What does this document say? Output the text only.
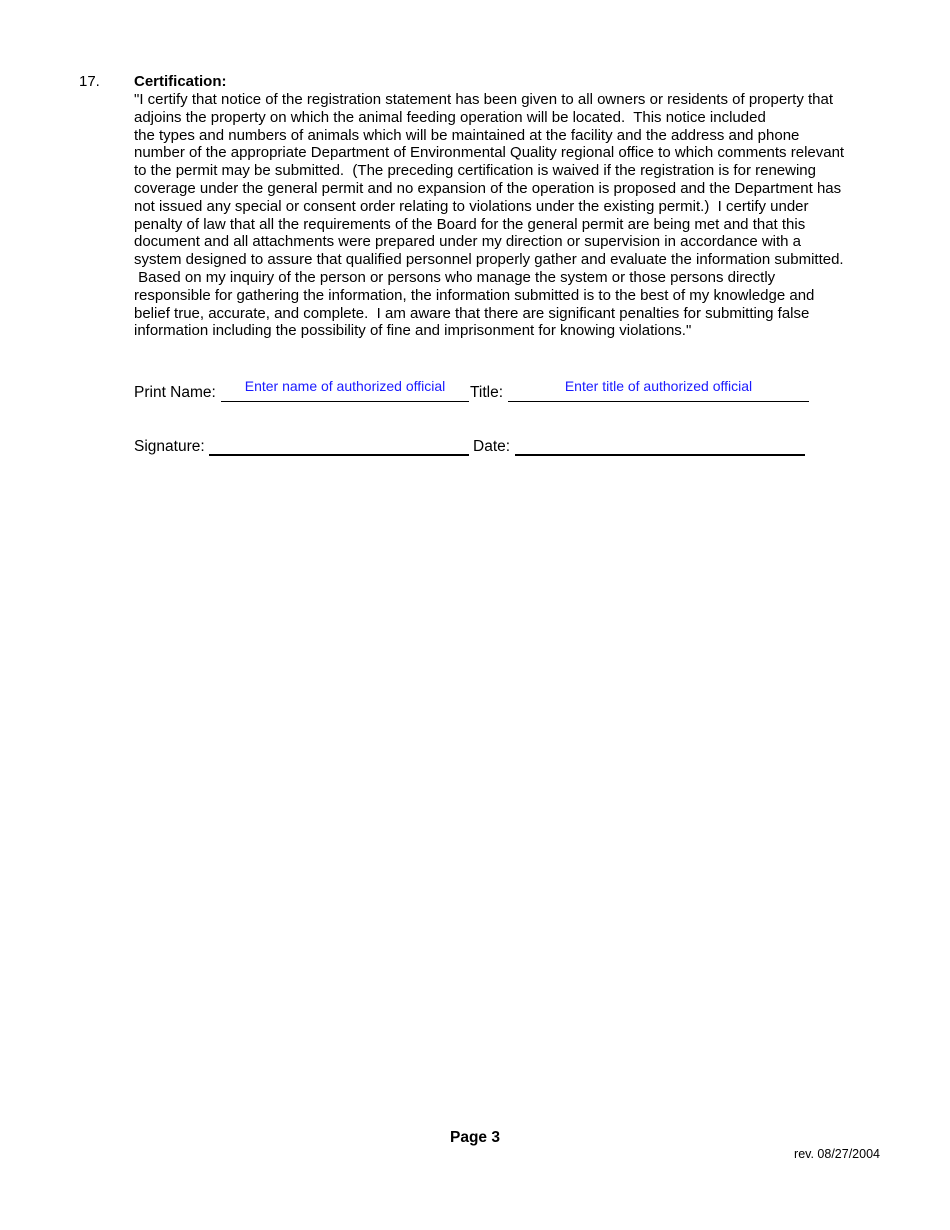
17. Certification:
"I certify that notice of the registration statement has been given to all owners or residents of property that
adjoins the property on which the animal feeding operation will be located.  This notice included
the types and numbers of animals which will be maintained at the facility and the address and phone
number of the appropriate Department of Environmental Quality regional office to which comments relevant
to the permit may be submitted.  (The preceding certification is waived if the registration is for renewing
coverage under the general permit and no expansion of the operation is proposed and the Department has
not issued any special or consent order relating to violations under the existing permit.)  I certify under
penalty of law that all the requirements of the Board for the general permit are being met and that this
document and all attachments were prepared under my direction or supervision in accordance with a
system designed to assure that qualified personnel properly gather and evaluate the information submitted.
Based on my inquiry of the person or persons who manage the system or those persons directly
responsible for gathering the information, the information submitted is to the best of my knowledge and
belief true, accurate, and complete.  I am aware that there are significant penalties for submitting false
information including the possibility of fine and imprisonment for knowing violations."
Print Name:	Enter name of authorized official	Title:	Enter title of authorized official
Signature:	Date:
Page 3
rev. 08/27/2004
